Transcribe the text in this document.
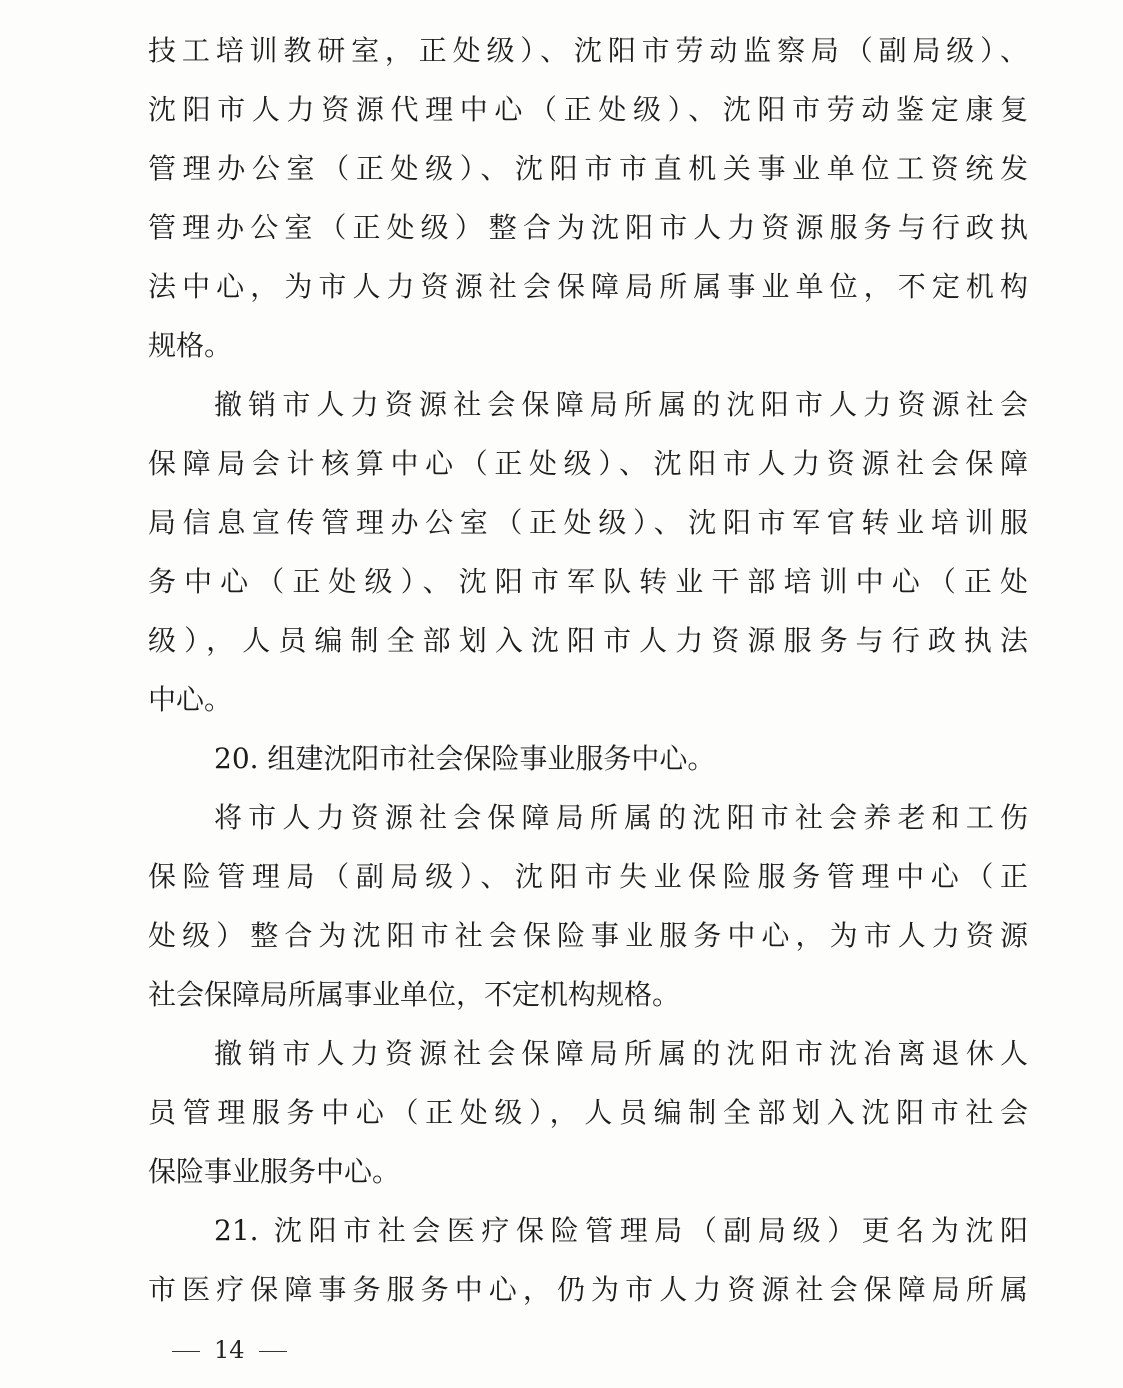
技工培训教研室，正处级）、沈阳市劳动监察局（副局级）、

沈阳市人力资源代理中心（正处级）、沈阳市劳动鉴定康复

管理办公室（正处级）、沈阳市市直机关事业单位工资统发

管理办公室（正处级）整合为沈阳市人力资源服务与行政执

法中心，为市人力资源社会保障局所属事业单位，不定机构

规格。

撤销市人力资源社会保障局所属的沈阳市人力资源社会

保障局会计核算中心（正处级）、沈阳市人力资源社会保障

局信息宣传管理办公室（正处级）、沈阳市军官转业培训服

务中心（正处级）、沈阳市军队转业干部培训中心（正处

级），人员编制全部划入沈阳市人力资源服务与行政执法

中心。

20. 组建沈阳市社会保险事业服务中心。

将市人力资源社会保障局所属的沈阳市社会养老和工伤

保险管理局（副局级）、沈阳市失业保险服务管理中心（正

处级）整合为沈阳市社会保险事业服务中心，为市人力资源

社会保障局所属事业单位，不定机构规格。

撤销市人力资源社会保障局所属的沈阳市沈冶离退休人

员管理服务中心（正处级），人员编制全部划入沈阳市社会

保险事业服务中心。

21. 沈阳市社会医疗保险管理局（副局级）更名为沈阳

市医疗保障事务服务中心，仍为市人力资源社会保障局所属

14
